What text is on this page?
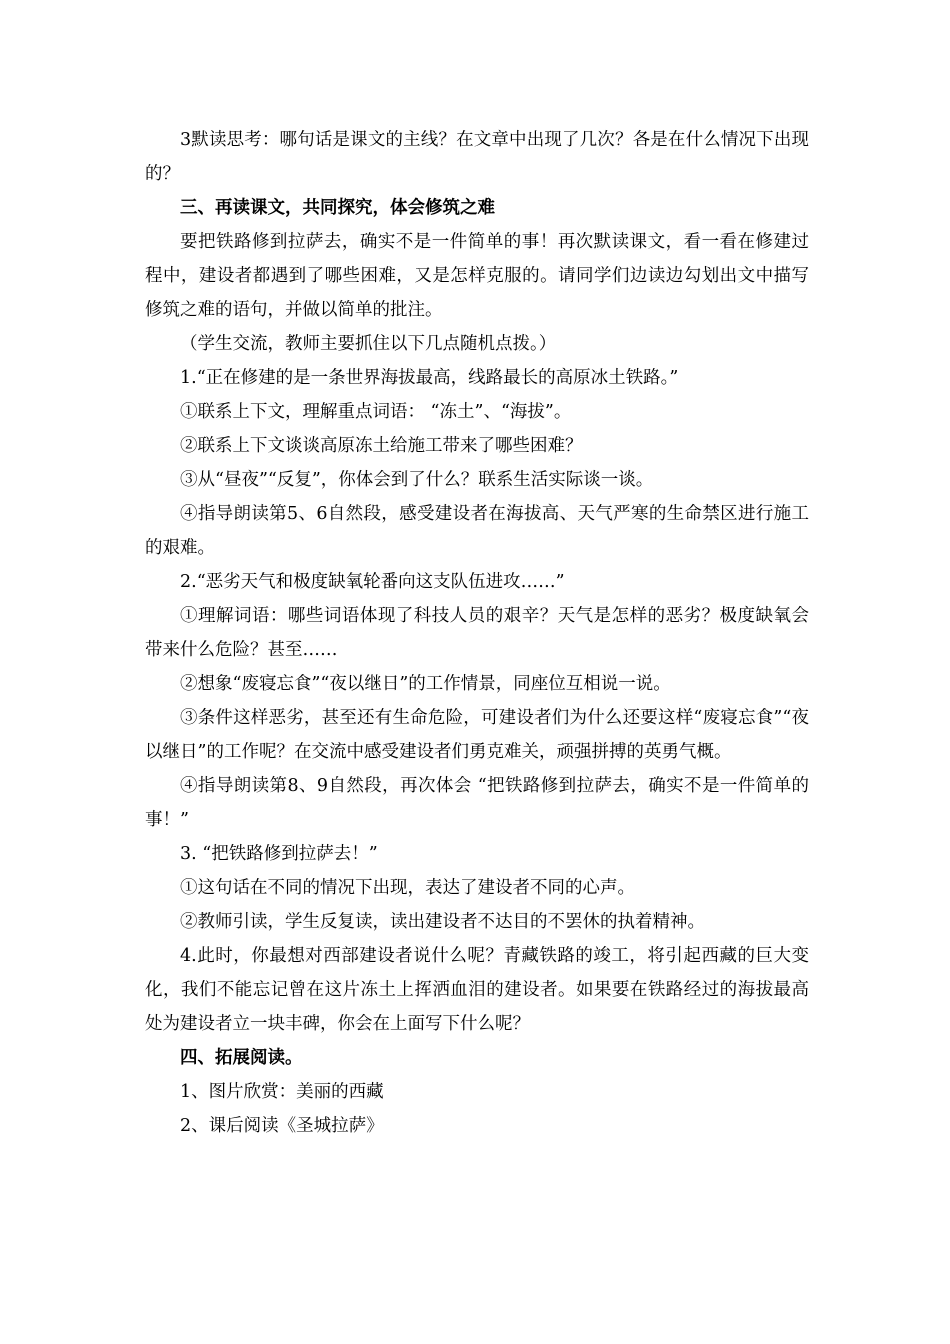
3默读思考：哪句话是课文的主线？在文章中出现了几次？各是在什么情况下出现的？

三、再读课文，共同探究，体会修筑之难

要把铁路修到拉萨去，确实不是一件简单的事！再次默读课文，看一看在修建过程中，建设者都遇到了哪些困难，又是怎样克服的。请同学们边读边勾划出文中描写修筑之难的语句，并做以简单的批注。

（学生交流，教师主要抓住以下几点随机点拨。）

1.“正在修建的是一条世界海拔最高，线路最长的高原冰土铁路。”

①联系上下文，理解重点词语： “冻土”、“海拔”。

②联系上下文谈谈高原冻土给施工带来了哪些困难？

③从“昼夜”“反复”，你体会到了什么？联系生活实际谈一谈。

④指导朗读第5、6自然段，感受建设者在海拔高、天气严寒的生命禁区进行施工的艰难。

2.“恶劣天气和极度缺氧轮番向这支队伍进攻……”

①理解词语：哪些词语体现了科技人员的艰辛？天气是怎样的恶劣？极度缺氧会带来什么危险？甚至……

②想象“废寝忘食”“夜以继日”的工作情景，同座位互相说一说。

③条件这样恶劣，甚至还有生命危险，可建设者们为什么还要这样“废寝忘食”“夜以继日”的工作呢？在交流中感受建设者们勇克难关，顽强拼搏的英勇气概。

④指导朗读第8、9自然段，再次体会 “把铁路修到拉萨去，确实不是一件简单的事！”

3. “把铁路修到拉萨去！”

①这句话在不同的情况下出现，表达了建设者不同的心声。

②教师引读，学生反复读，读出建设者不达目的不罢休的执着精神。

4.此时，你最想对西部建设者说什么呢？青藏铁路的竣工，将引起西藏的巨大变化，我们不能忘记曾在这片冻土上挥洒血泪的建设者。如果要在铁路经过的海拔最高处为建设者立一块丰碑，你会在上面写下什么呢？

四、拓展阅读。

1、图片欣赏：美丽的西藏

2、课后阅读《圣城拉萨》
